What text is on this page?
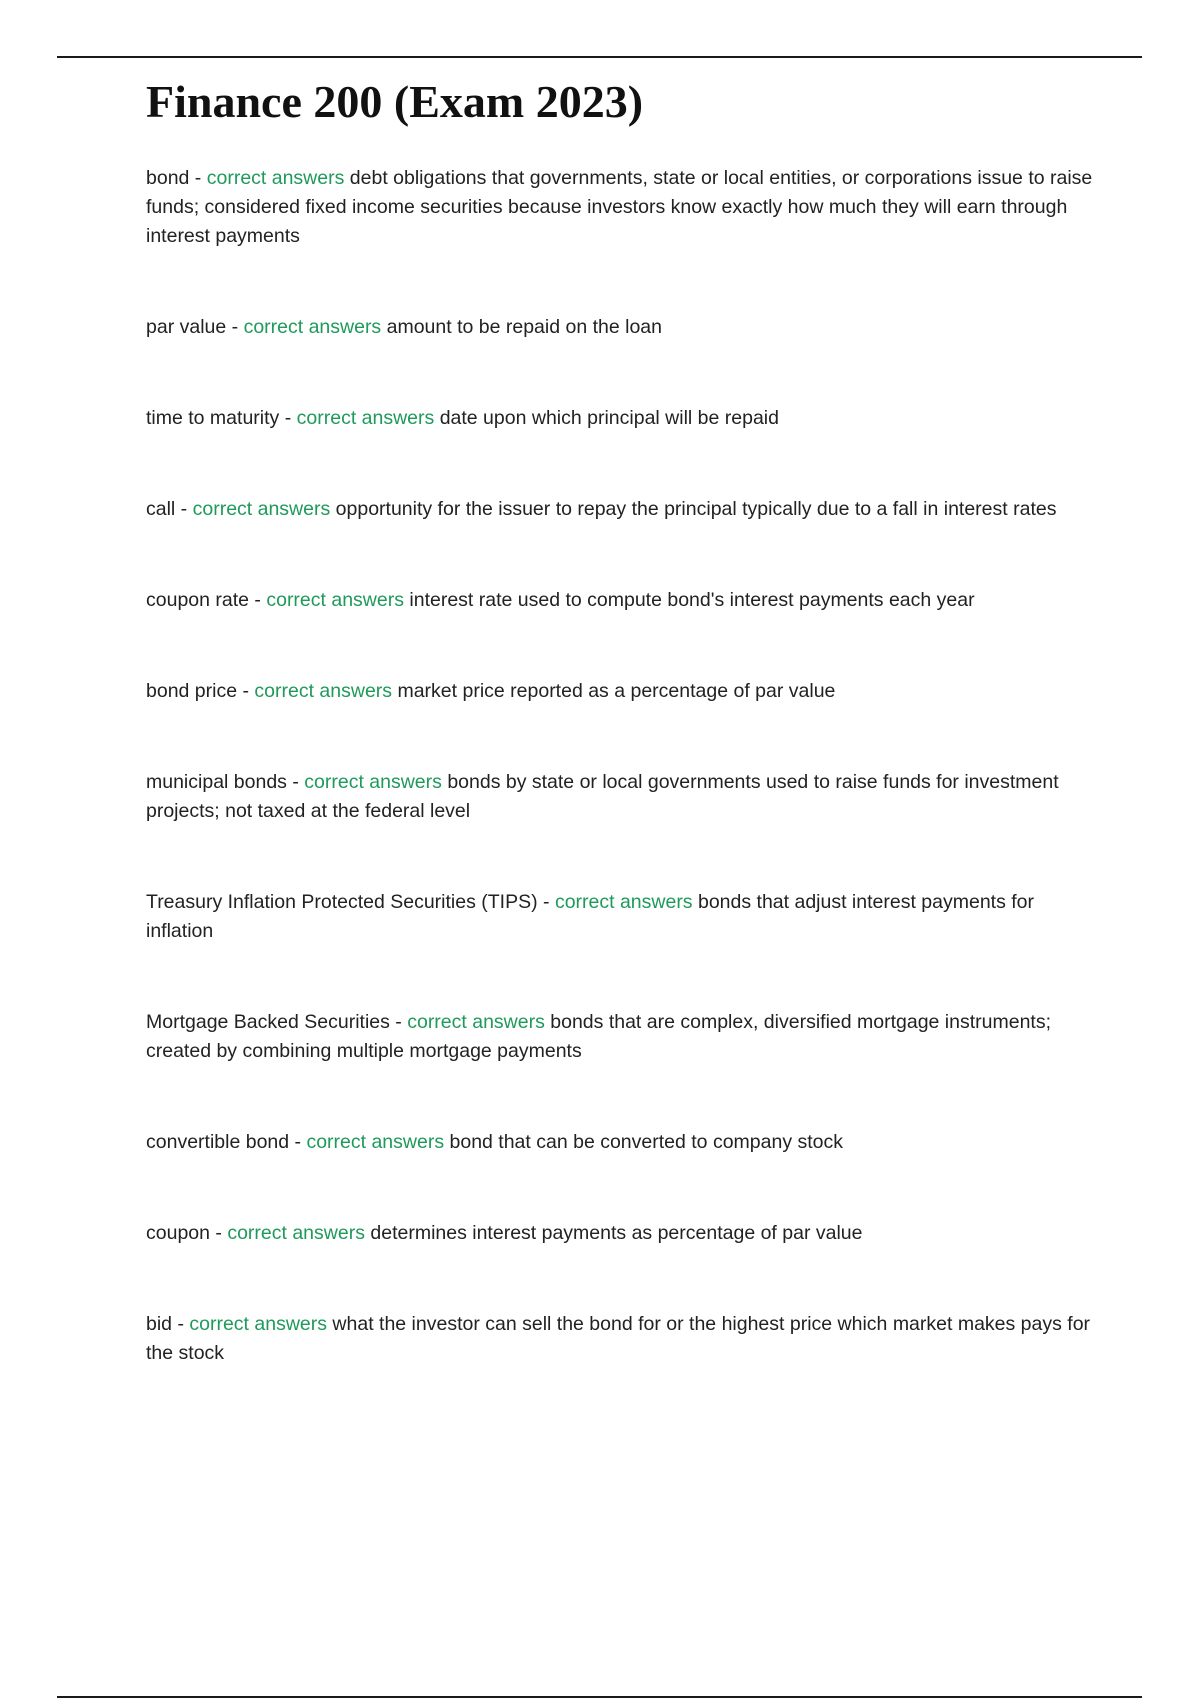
Finance 200 (Exam 2023)
bond - correct answers debt obligations that governments, state or local entities, or corporations issue to raise funds; considered fixed income securities because investors know exactly how much they will earn through interest payments
par value - correct answers amount to be repaid on the loan
time to maturity - correct answers date upon which principal will be repaid
call - correct answers opportunity for the issuer to repay the principal typically due to a fall in interest rates
coupon rate - correct answers interest rate used to compute bond's interest payments each year
bond price - correct answers market price reported as a percentage of par value
municipal bonds - correct answers bonds by state or local governments used to raise funds for investment projects; not taxed at the federal level
Treasury Inflation Protected Securities (TIPS) - correct answers bonds that adjust interest payments for inflation
Mortgage Backed Securities - correct answers bonds that are complex, diversified mortgage instruments; created by combining multiple mortgage payments
convertible bond - correct answers bond that can be converted to company stock
coupon - correct answers determines interest payments as percentage of par value
bid - correct answers what the investor can sell the bond for or the highest price which market makes pays for the stock
